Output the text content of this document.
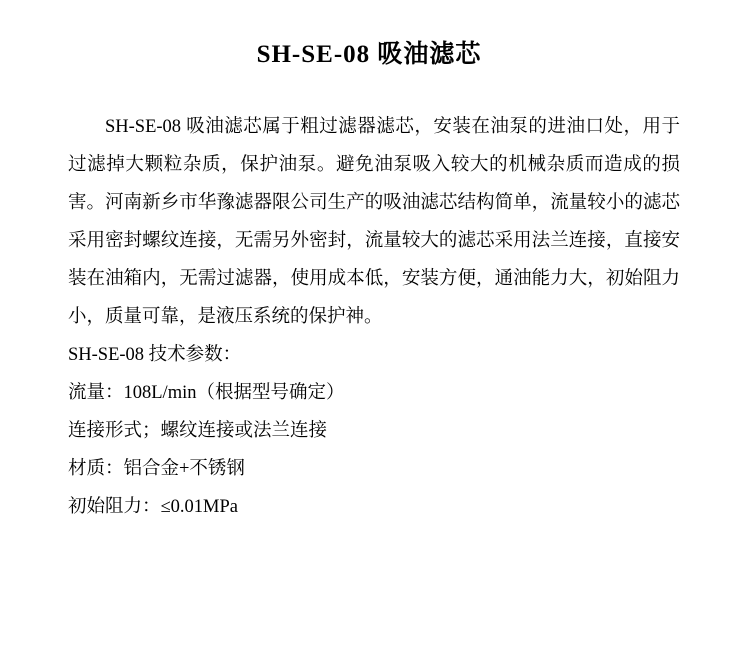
SH-SE-08 吸油滤芯

SH-SE-08 吸油滤芯属于粗过滤器滤芯，安装在油泵的进油口处，用于过滤掉大颗粒杂质，保护油泵。避免油泵吸入较大的机械杂质而造成的损害。河南新乡市华豫滤器限公司生产的吸油滤芯结构简单，流量较小的滤芯采用密封螺纹连接，无需另外密封，流量较大的滤芯采用法兰连接，直接安装在油箱内，无需过滤器，使用成本低，安装方便，通油能力大，初始阻力小，质量可靠，是液压系统的保护神。

SH-SE-08 技术参数：

流量：108L/min（根据型号确定）
连接形式；螺纹连接或法兰连接
材质：铝合金+不锈钢
初始阻力：≤0.01MPa
